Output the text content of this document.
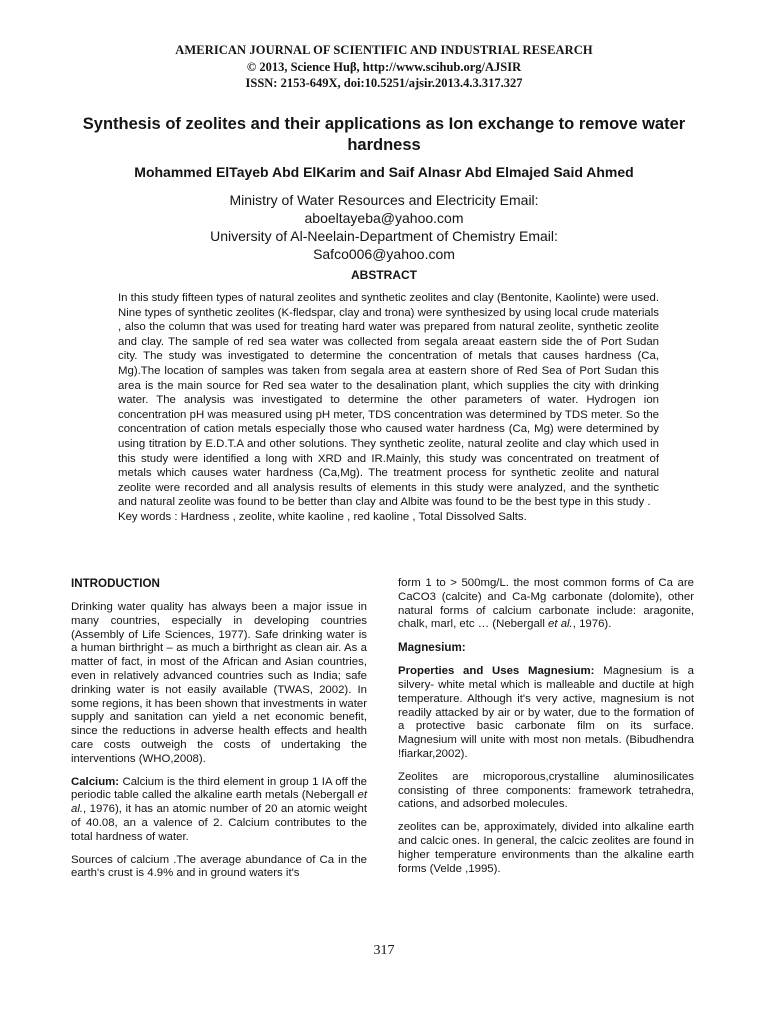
AMERICAN JOURNAL OF SCIENTIFIC AND INDUSTRIAL RESEARCH
© 2013, Science Huβ, http://www.scihub.org/AJSIR
ISSN: 2153-649X, doi:10.5251/ajsir.2013.4.3.317.327
Synthesis of zeolites and their applications as Ion exchange to remove water hardness
Mohammed ElTayeb Abd ElKarim and Saif Alnasr Abd Elmajed Said Ahmed
Ministry of Water Resources and Electricity Email:
aboeltayeba@yahoo.com
University of Al-Neelain-Department of Chemistry Email:
Safco006@yahoo.com
ABSTRACT

In this study fifteen types of natural zeolites and synthetic zeolites and clay (Bentonite, Kaolinte) were used. Nine types of synthetic zeolites (K-fledspar, clay and trona) were synthesized by using local crude materials , also the column that was used for treating hard water was prepared from natural zeolite, synthetic zeolite and clay. The sample of red sea water was collected from segala areaat eastern side the of Port Sudan city. The study was investigated to determine the concentration of metals that causes hardness (Ca, Mg).The location of samples was taken from segala area at eastern shore of Red Sea of Port Sudan this area is the main source for Red sea water to the desalination plant, which supplies the city with drinking water. The analysis was investigated to determine the other parameters of water. Hydrogen ion concentration pH was measured using pH meter, TDS concentration was determined by TDS meter. So the concentration of cation metals especially those who caused water hardness (Ca, Mg) were determined by using titration by E.D.T.A and other solutions. They synthetic zeolite, natural zeolite and clay which used in this study were identified a long with XRD and IR.Mainly, this study was concentrated on treatment of metals which causes water hardness (Ca,Mg). The treatment process for synthetic zeolite and natural zeolite were recorded and all analysis results of elements in this study were analyzed, and the synthetic and natural zeolite was found to be better than clay and Albite was found to be the best type in this study .

Key words : Hardness , zeolite, white kaoline , red kaoline , Total Dissolved Salts.

INTRODUCTION

Drinking water quality has always been a major issue in many countries, especially in developing countries (Assembly of Life Sciences, 1977). Safe drinking water is a human birthright – as much a birthright as clean air. As a matter of fact, in most of the African and Asian countries, even in relatively advanced countries such as India; safe drinking water is not easily available (TWAS, 2002). In some regions, it has been shown that investments in water supply and sanitation can yield a net economic benefit, since the reductions in adverse health effects and health care costs outweigh the costs of undertaking the interventions (WHO,2008).

Calcium: Calcium is the third element in group 1 IA off the periodic table called the alkaline earth metals (Nebergall et al., 1976), it has an atomic number of 20 an atomic weight of 40.08, an a valence of 2. Calcium contributes to the total hardness of water.

Sources of calcium .The average abundance of Ca in the earth's crust is 4.9% and in ground waters it's

form 1 to > 500mg/L. the most common forms of Ca are CaCO3 (calcite) and Ca-Mg carbonate (dolomite), other natural forms of calcium carbonate include: aragonite, chalk, marl, etc … (Nebergall et al., 1976).

Magnesium:

Properties and Uses Magnesium: Magnesium is a silvery- white metal which is malleable and ductile at high temperature. Although it's very active, magnesium is not readily attacked by air or by water, due to the formation of a protective basic carbonate film on its surface. Magnesium will unite with most non metals. (Bibudhendra !fiarkar,2002).

Zeolites are microporous,crystalline aluminosilicates consisting of three components: framework tetrahedra, cations, and adsorbed molecules.

zeolites can be, approximately, divided into alkaline earth and calcic ones. In general, the calcic zeolites are found in higher temperature environments than the alkaline earth forms (Velde ,1995).

317
